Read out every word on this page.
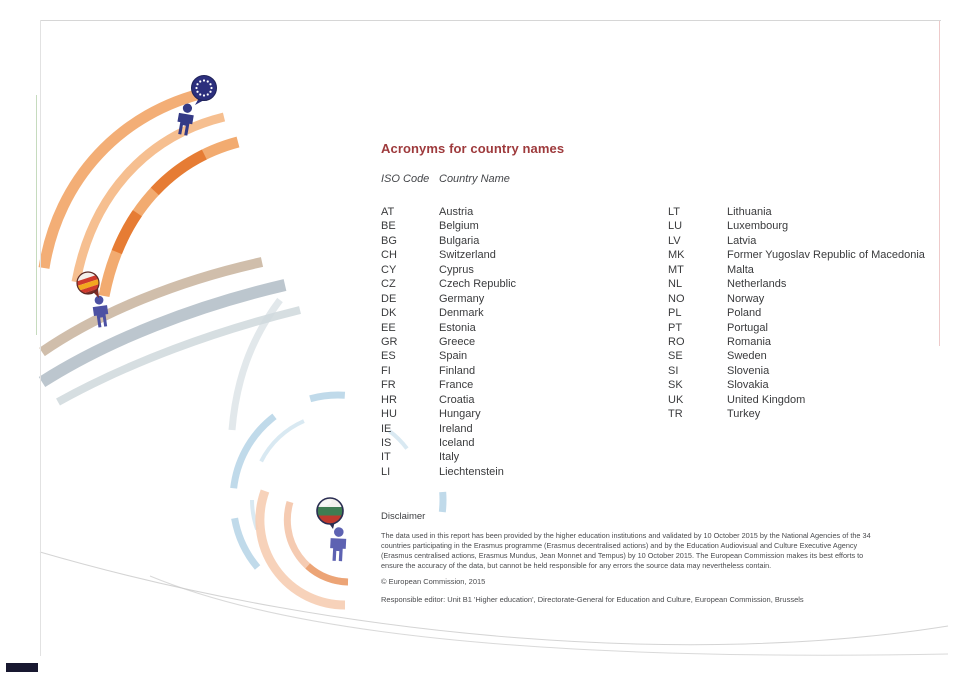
Acronyms for country names
ISO Code Country Name
AT	Austria
BE	Belgium
BG	Bulgaria
CH	Switzerland
CY	Cyprus
CZ	Czech Republic
DE	Germany
DK	Denmark
EE	Estonia
GR	Greece
ES	Spain
FI	Finland
FR	France
HR	Croatia
HU	Hungary
IE	Ireland
IS	Iceland
IT	Italy
LI	Liechtenstein
LT	Lithuania
LU	Luxembourg
LV	Latvia
MK	Former Yugoslav Republic of Macedonia
MT	Malta
NL	Netherlands
NO	Norway
PL	Poland
PT	Portugal
RO	Romania
SE	Sweden
SI	Slovenia
SK	Slovakia
UK	United Kingdom
TR	Turkey
Disclaimer
The data used in this report has been provided by the higher education institutions and validated by 10 October 2015 by the National Agencies of the 34 countries participating in the Erasmus programme (Erasmus decentralised actions) and by the Education Audiovisual and Culture Executive Agency (Erasmus centralised actions, Erasmus Mundus, Jean Monnet and Tempus) by 10 October 2015. The European Commission makes its best efforts to ensure the accuracy of the data, but cannot be held responsible for any errors the source data may nevertheless contain.
© European Commission, 2015
Responsible editor: Unit B1 'Higher education', Directorate-General for Education and Culture, European Commission, Brussels
